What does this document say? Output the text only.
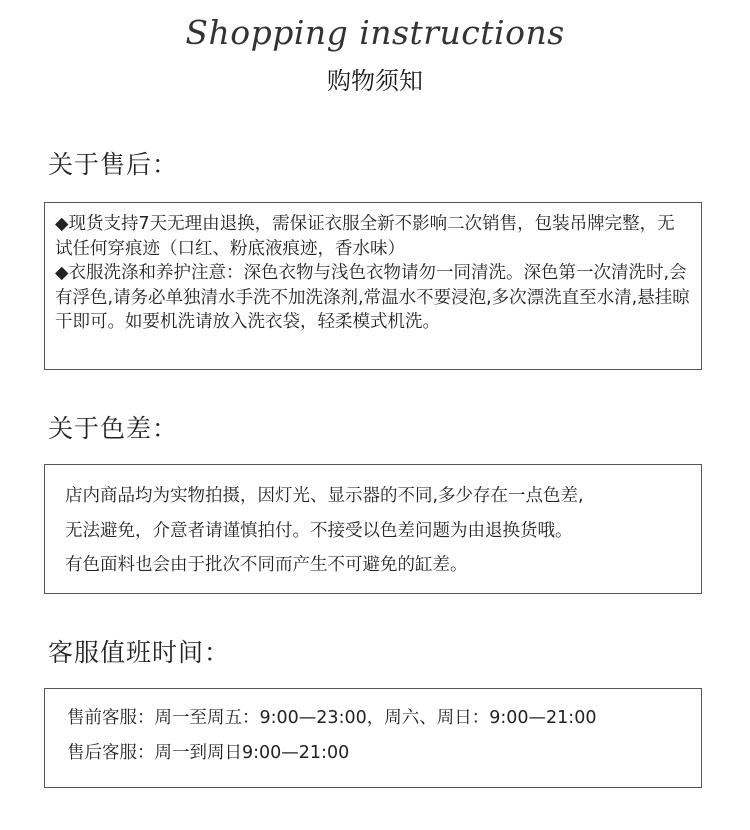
Shopping instructions
购物须知
关于售后：

◆现货支持7天无理由退换，需保证衣服全新不影响二次销售，包装吊牌完整，无试任何穿痕迹（口红、粉底液痕迹，香水味）

◆衣服洗涤和养护注意：深色衣物与浅色衣物请勿一同清洗。深色第一次清洗时,会有浮色,请务必单独清水手洗不加洗涤剂,常温水不要浸泡,多次漂洗直至水清,悬挂晾干即可。如要机洗请放入洗衣袋，轻柔模式机洗。

关于色差：

店内商品均为实物拍摄，因灯光、显示器的不同,多少存在一点色差,

无法避免，介意者请谨慎拍付。不接受以色差问题为由退换货哦。

有色面料也会由于批次不同而产生不可避免的缸差。

客服值班时间：

售前客服：周一至周五：9:00—23:00，周六、周日：9:00—21:00

售后客服：周一到周日9:00—21:00
